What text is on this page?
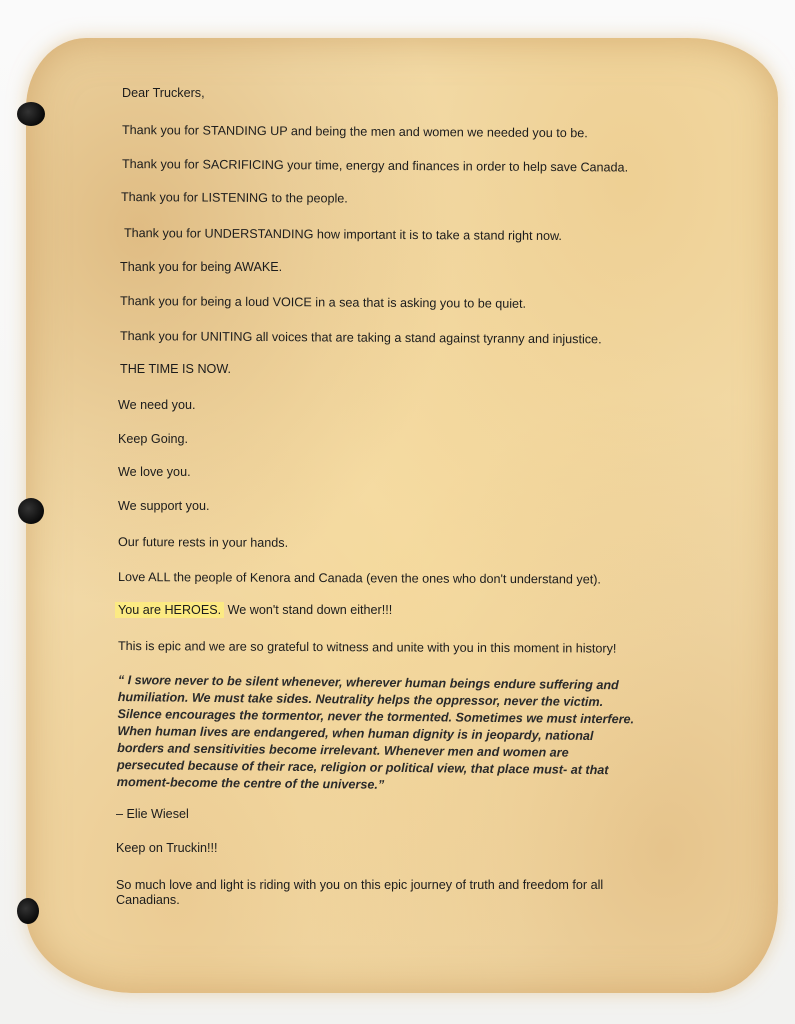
Dear Truckers,
Thank you for STANDING UP and being the men and women we needed you to be.
Thank you for SACRIFICING your time, energy and finances in order to help save Canada.
Thank you for LISTENING to the people.
Thank you for UNDERSTANDING how important it is to take a stand right now.
Thank you for being AWAKE.
Thank you for being a loud VOICE in a sea that is asking you to be quiet.
Thank you for UNITING all voices that are taking a stand against tyranny and injustice.
THE TIME IS NOW.
We need you.
Keep Going.
We love you.
We support you.
Our future rests in your hands.
Love ALL the people of Kenora and Canada (even the ones who don't understand yet).
You are HEROES. We won't stand down either!!!
This is epic and we are so grateful to witness and unite with you in this moment in history!
“ I swore never to be silent whenever, wherever human beings endure suffering and humiliation. We must take sides. Neutrality helps the oppressor, never the victim. Silence encourages the tormentor, never the tormented. Sometimes we must interfere. When human lives are endangered, when human dignity is in jeopardy, national borders and sensitivities become irrelevant. Whenever men and women are persecuted because of their race, religion or political view, that place must- at that moment-become the centre of the universe.”
– Elie Wiesel
Keep on Truckin!!!
So much love and light is riding with you on this epic journey of truth and freedom for all Canadians.
